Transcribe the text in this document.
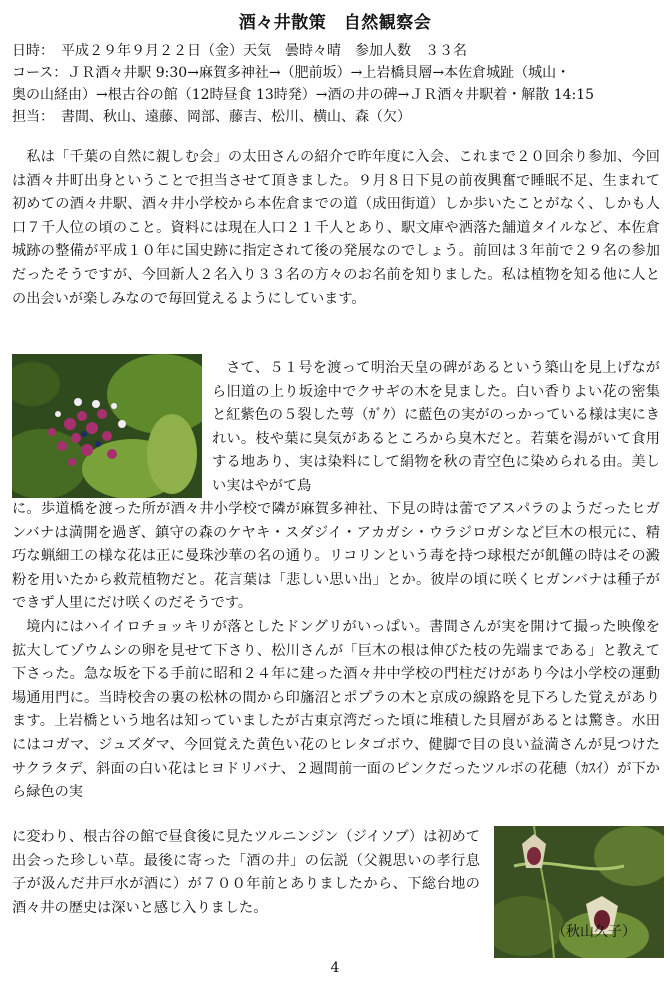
酒々井散策　自然観察会
日時：　平成２９年９月２２日（金）天気　曇時々晴　参加人数　３３名
コース：ＪＲ酒々井駅 9:30→麻賀多神社→（肥前坂）→上岩橋貝層→本佐倉城趾（城山・
奥の山経由）→根古谷の館（12時昼食 13時発）→酒の井の碑→ＪＲ酒々井駅着・解散 14:15
担当：　書間、秋山、遠藤、岡部、藤吉、松川、横山、森（欠）

私は「千葉の自然に親しむ会」の太田さんの紹介で昨年度に入会、これまで２０回余り参加、今回は酒々井町出身ということで担当させて頂きました。９月８日下見の前夜興奮で睡眠不足、生まれて初めての酒々井駅、酒々井小学校から本佐倉までの道（成田街道）しか歩いたことがなく、しかも人口７千人位の頃のこと。資料には現在人口２１千人とあり、駅文庫や洒落た舗道タイルなど、本佐倉城跡の整備が平成１０年に国史跡に指定されて後の発展なのでしょう。前回は３年前で２９名の参加だったそうですが、今回新人２名入り３３名の方々のお名前を知りました。私は植物を知る他に人との出会いが楽しみなので毎回覚えるようにしています。

さて、５１号を渡って明治天皇の碑があるという築山を見上げながら旧道の上り坂途中でクサギの木を見ました。白い香りよい花の密集と紅紫色の５裂した萼（ｶﾞｸ）に藍色の実がのっかっている様は実にきれい。枝や葉に臭気があるところから臭木だと。若葉を湯がいて食用する地あり、実は染料にして絹物を秋の青空色に染められる由。美しい実はやがて鳥

に。歩道橋を渡った所が酒々井小学校で隣が麻賀多神社、下見の時は蕾でアスパラのようだったヒガンバナは満開を過ぎ、鎮守の森のケヤキ・スダジイ・アカガシ・ウラジロガシなど巨木の根元に、精巧な蝋細工の様な花は正に曼珠沙華の名の通り。リコリンという毒を持つ球根だが飢饉の時はその澱粉を用いたから救荒植物だと。花言葉は「悲しい思い出」とか。彼岸の頃に咲くヒガンバナは種子ができず人里にだけ咲くのだそうです。

境内にはハイイロチョッキリが落としたドングリがいっぱい。書間さんが実を開けて撮った映像を拡大してゾウムシの卵を見せて下さり、松川さんが「巨木の根は伸びた枝の先端まである」と教えて下さった。急な坂を下る手前に昭和２４年に建った酒々井中学校の門柱だけがあり今は小学校の運動場通用門に。当時校舎の裏の松林の間から印旛沼とポプラの木と京成の線路を見下ろした覚えがあります。上岩橋という地名は知っていましたが古東京湾だった頃に堆積した貝層があるとは驚き。水田にはコガマ、ジュズダマ、今回覚えた黄色い花のヒレタゴボウ、健脚で目の良い益満さんが見つけたサクラタデ、斜面の白い花はヒヨドリバナ、２週間前一面のピンクだったツルボの花穂（ｶｽｲ）が下から緑色の実

に変わり、根古谷の館で昼食後に見たツルニンジン（ジイソブ）は初めて出会った珍しい草。最後に寄った「酒の井」の伝説（父親思いの孝行息子が汲んだ井戸水が酒に）が７００年前とありましたから、下総台地の酒々井の歴史は深いと感じ入りました。

（秋山久子）
4
